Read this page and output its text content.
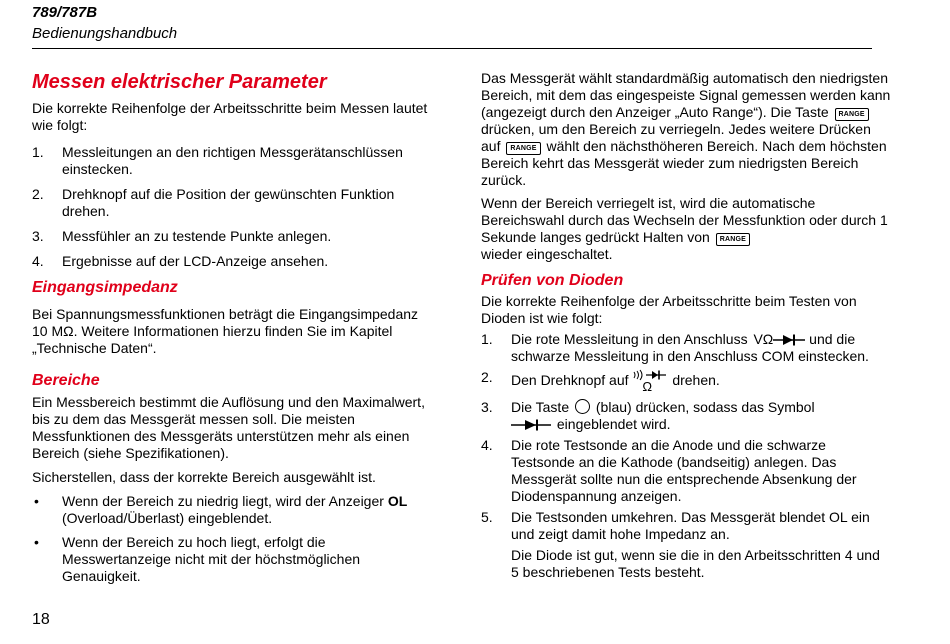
789/787B
Bedienungshandbuch
Messen elektrischer Parameter

Die korrekte Reihenfolge der Arbeitsschritte beim Messen lautet wie folgt:

1. Messleitungen an den richtigen Messgerätanschlüssen einstecken.
2. Drehknopf auf die Position der gewünschten Funktion drehen.
3. Messfühler an zu testende Punkte anlegen.
4. Ergebnisse auf der LCD-Anzeige ansehen.
Eingangsimpedanz

Bei Spannungsmessfunktionen beträgt die Eingangsimpedanz 10 MΩ. Weitere Informationen hierzu finden Sie im Kapitel „Technische Daten“.

Bereiche

Ein Messbereich bestimmt die Auflösung und den Maximalwert, bis zu dem das Messgerät messen soll. Die meisten Messfunktionen des Messgeräts unterstützen mehr als einen Bereich (siehe Spezifikationen).

Sicherstellen, dass der korrekte Bereich ausgewählt ist.

• Wenn der Bereich zu niedrig liegt, wird der Anzeiger OL (Overload/Überlast) eingeblendet.
• Wenn der Bereich zu hoch liegt, erfolgt die Messwertanzeige nicht mit der höchstmöglichen Genauigkeit.

Das Messgerät wählt standardmäßig automatisch den niedrigsten Bereich, mit dem das eingespeiste Signal gemessen werden kann (angezeigt durch den Anzeiger „Auto Range“). Die Taste RANGE drücken, um den Bereich zu verriegeln. Jedes weitere Drücken auf RANGE wählt den nächsthöheren Bereich. Nach dem höchsten Bereich kehrt das Messgerät wieder zum niedrigsten Bereich zurück.

Wenn der Bereich verriegelt ist, wird die automatische Bereichswahl durch das Wechseln der Messfunktion oder durch 1 Sekunde langes gedrückt Halten von RANGE
wieder eingeschaltet.

Prüfen von Dioden

Die korrekte Reihenfolge der Arbeitsschritte beim Testen von Dioden ist wie folgt:

1. Die rote Messleitung in den Anschluss VΩ	und die schwarze Messleitung in den Anschluss COM einstecken.
2. Den Drehknopf auf Ω drehen.
3. Die Taste (blau) drücken, sodass das Symbol
eingeblendet wird.
4. Die rote Testsonde an die Anode und die schwarze Testsonde an die Kathode (bandseitig) anlegen. Das Messgerät sollte nun die entsprechende Absenkung der Diodenspannung anzeigen.
5. Die Testsonden umkehren. Das Messgerät blendet OL ein und zeigt damit hohe Impedanz an.

Die Diode ist gut, wenn sie die in den Arbeitsschritten 4 und 5 beschriebenen Tests besteht.

18
